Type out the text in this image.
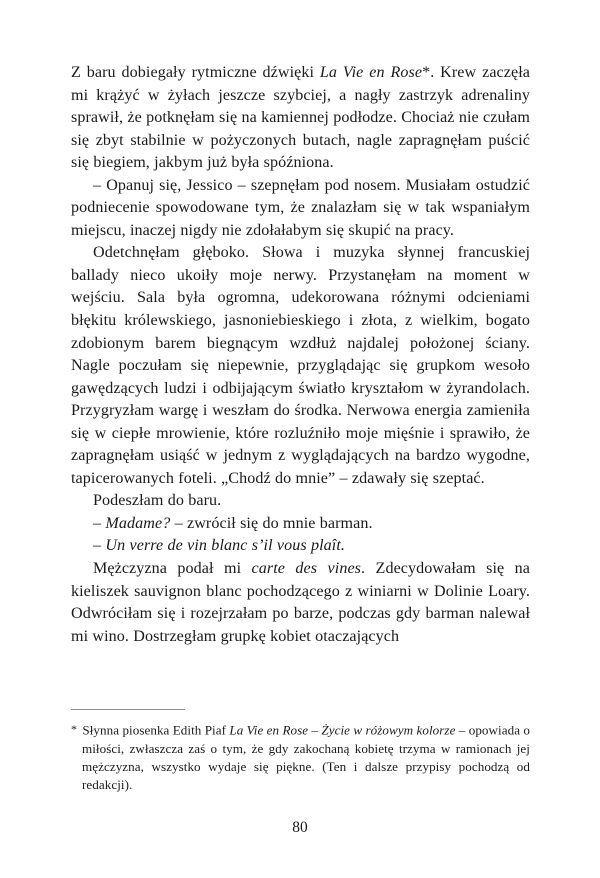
Z baru dobiegały rytmiczne dźwięki La Vie en Rose*. Krew zaczęła mi krążyć w żyłach jeszcze szybciej, a nagły zastrzyk adrenaliny sprawił, że potknęłam się na kamiennej podłodze. Chociaż nie czułam się zbyt stabilnie w pożyczonych butach, nagle zapragnęłam puścić się biegiem, jakbym już była spóźniona.

– Opanuj się, Jessico – szepnęłam pod nosem. Musiałam ostudzić podniecenie spowodowane tym, że znalazłam się w tak wspaniałym miejscu, inaczej nigdy nie zdołałabym się skupić na pracy.

Odetchnęłam głęboko. Słowa i muzyka słynnej francuskiej ballady nieco ukoiły moje nerwy. Przystanęłam na moment w wejściu. Sala była ogromna, udekorowana różnymi odcieniami błękitu królewskiego, jasnoniebieskiego i złota, z wielkim, bogato zdobionym barem biegnącym wzdłuż najdalej położonej ściany. Nagle poczułam się niepewnie, przyglądając się grupkom wesoło gawędzących ludzi i odbijającym światło kryształom w żyrandolach. Przygryzłam wargę i weszłam do środka. Nerwowa energia zamieniła się w ciepłe mrowienie, które rozluźniło moje mięśnie i sprawiło, że zapragnęłam usiąść w jednym z wyglądających na bardzo wygodne, tapicerowanych foteli. „Chodź do mnie” – zdawały się szeptać.

Podeszłam do baru.

– Madame? – zwrócił się do mnie barman.

– Un verre de vin blanc s’il vous plaît.

Mężczyzna podał mi carte des vines. Zdecydowałam się na kieliszek sauvignon blanc pochodzącego z winiarni w Dolinie Loary. Odwróciłam się i rozejrzałam po barze, podczas gdy barman nalewał mi wino. Dostrzegłam grupkę kobiet otaczających

* Słynna piosenka Edith Piaf La Vie en Rose – Życie w różowym kolorze – opowiada o miłości, zwłaszcza zaś o tym, że gdy zakochaną kobietę trzyma w ramionach jej mężczyzna, wszystko wydaje się piękne. (Ten i dalsze przypisy pochodzą od redakcji).

80
